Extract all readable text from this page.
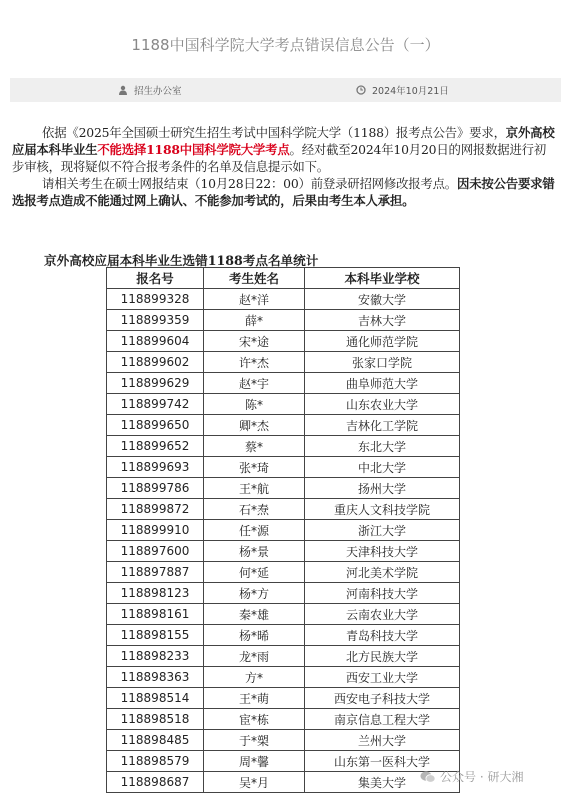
1188中国科学院大学考点错误信息公告（一）
招生办公室	2024年10月21日

依据《2025年全国硕士研究生招生考试中国科学院大学（1188）报考点公告》要求，京外高校应届本科毕业生不能选择1188中国科学院大学考点。经对截至2024年10月20日的网报数据进行初步审核，现将疑似不符合报考条件的名单及信息提示如下。

请相关考生在硕士网报结束（10月28日22：00）前登录研招网修改报考点。因未按公告要求错选报考点造成不能通过网上确认、不能参加考试的，后果由考生本人承担。

京外高校应届本科毕业生选错1188考点名单统计
报名号	考生姓名	本科毕业学校
118899328	赵*洋	安徽大学
118899359	薛*	吉林大学
118899604	宋*途	通化师范学院
118899602	许*杰	张家口学院
118899629	赵*宇	曲阜师范大学
118899742	陈*	山东农业大学
118899650	卿*杰	吉林化工学院
118899652	蔡*	东北大学
118899693	张*琦	中北大学
118899786	王*航	扬州大学
118899872	石*焘	重庆人文科技学院
118899910	任*源	浙江大学
118897600	杨*景	天津科技大学
118897887	何*延	河北美术学院
118898123	杨*方	河南科技大学
118898161	秦*雄	云南农业大学
118898155	杨*晞	青岛科技大学
118898233	龙*雨	北方民族大学
118898363	方*	西安工业大学
118898514	王*萌	西安电子科技大学
118898518	宦*栋	南京信息工程大学
118898485	于*槊	兰州大学
118898579	周*馨	山东第一医科大学
118898687	吴*月	集美大学	公众号 · 研大湘
